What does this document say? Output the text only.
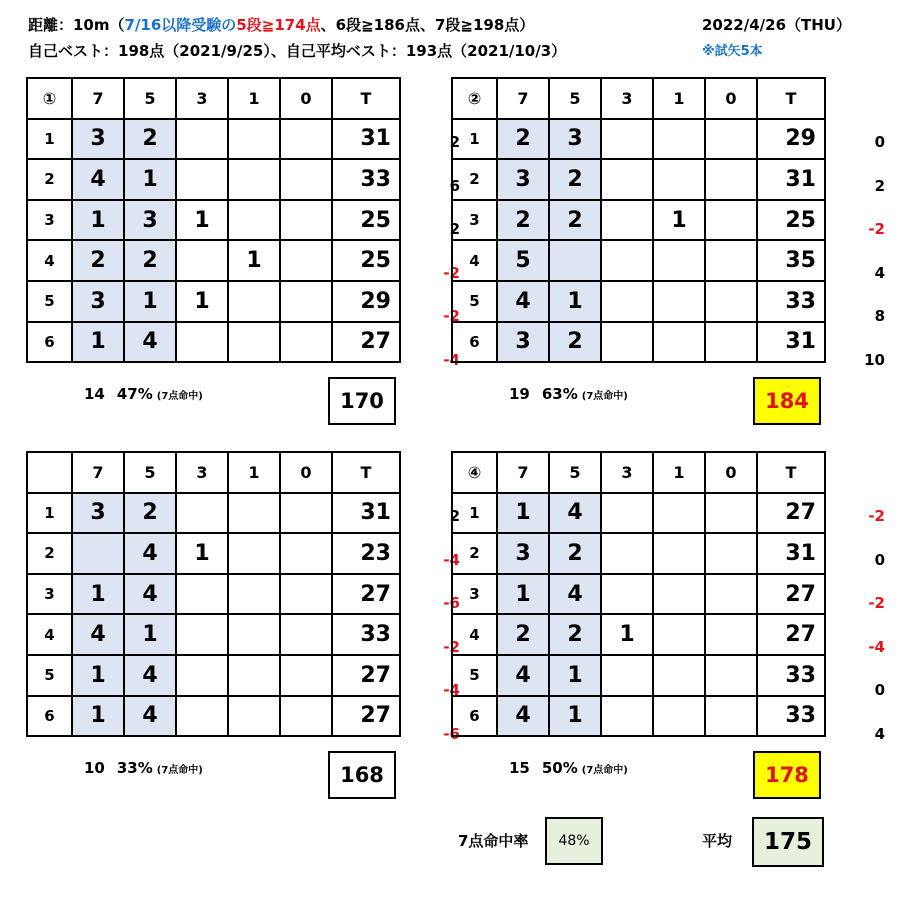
距離：10m（7/16以降受験の5段≧174点、6段≧186点、7段≧198点）
自己ベスト：198点（2021/9/25）、自己平均ベスト：193点（2021/10/3）
2022/4/26（THU）
※試矢5本
①	7	5	3	1	0	T
1	3	2				31
2	4	1				33
3	1	3	1			25
4	2	2		1		25
5	3	1	1			29
6	1	4				27
2
6
2
-2
-2
-4
14 47% (7点命中)	170
②	7	5	3	1	0	T
1	2	3				29
2	3	2				31
3	2	2		1		25
4	5					35
5	4	1				33
6	3	2				31
0
2
-2
4
8
10
19 63% (7点命中)	184
	7	5	3	1	0	T
1	3	2				31
2		4	1			23
3	1	4				27
4	4	1				33
5	1	4				27
6	1	4				27
2
-4
-6
-2
-4
-6
10 33% (7点命中)	168
④	7	5	3	1	0	T
1	1	4				27
2	3	2				31
3	1	4				27
4	2	2	1			27
5	4	1				33
6	4	1				33
-2
0
-2
-4
0
4
15 50% (7点命中)	178
7点命中率	48%	平均	175
